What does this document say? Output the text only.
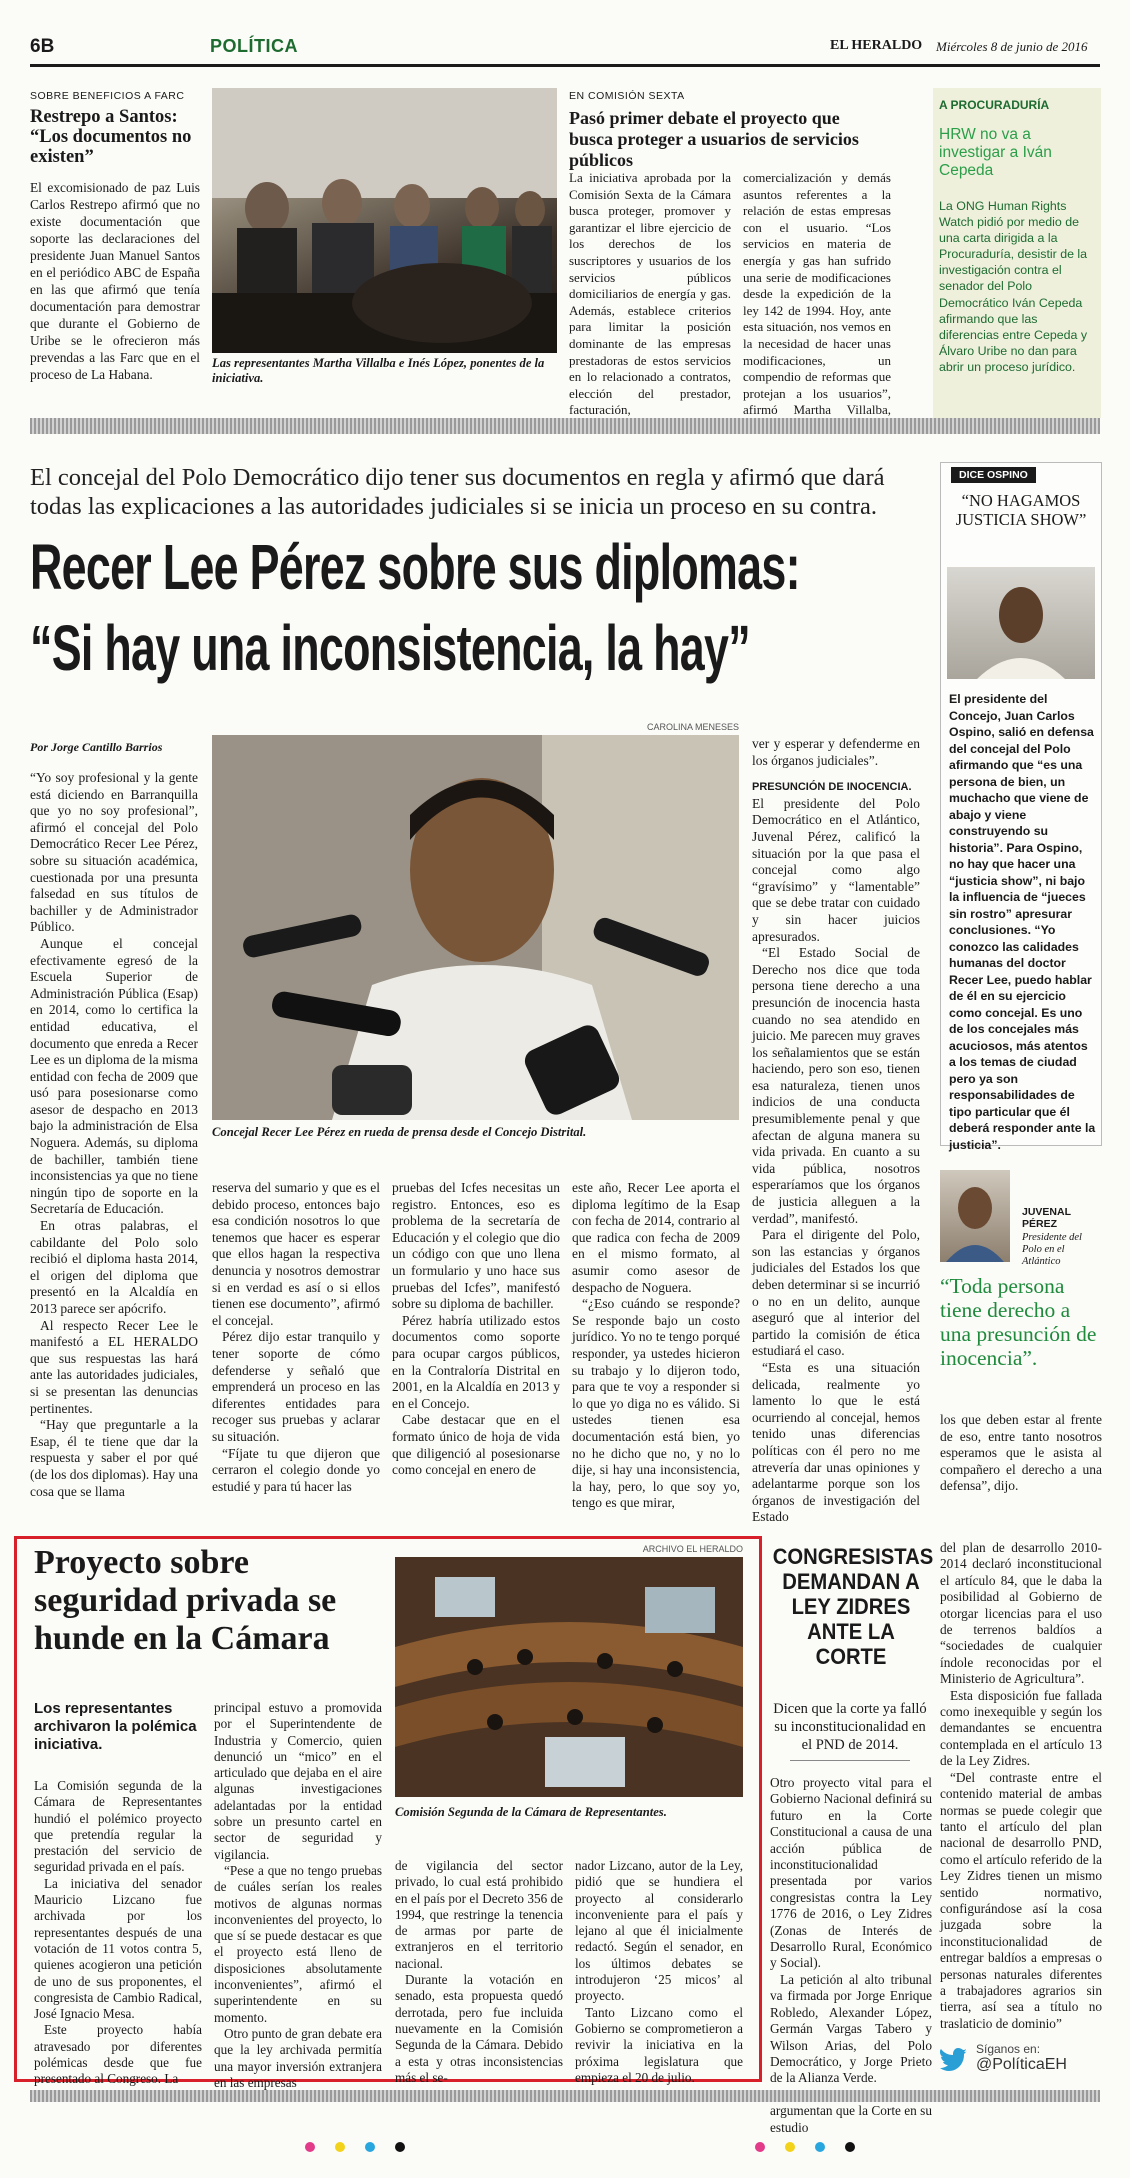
6B	POLÍTICA	EL HERALDO Miércoles 8 de junio de 2016
SOBRE BENEFICIOS A FARC
Restrepo a Santos: “Los documentos no existen”

El excomisionado de paz Luis Carlos Restrepo afirmó que no existe documentación que soporte las declaraciones del presidente Juan Manuel Santos en el periódico ABC de España en las que afirmó que tenía documentación para demostrar que durante el Gobierno de Uribe se le ofrecieron más prevendas a las Farc que en el proceso de La Habana.

Las representantes Martha Villalba e Inés López, ponentes de la iniciativa.
EN COMISIÓN SEXTA
Pasó primer debate el proyecto que busca proteger a usuarios de servicios públicos

La iniciativa aprobada por la Comisión Sexta de la Cámara busca proteger, promover y garantizar el libre ejercicio de los derechos de los suscriptores y usuarios de los servicios públicos domiciliarios de energía y gas. Además, establece criterios para limitar la posición dominante de las empresas prestadoras de estos servicios en lo relacionado a contratos, elección del prestador, facturación,

comercialización y demás asuntos referentes a la relación de estas empresas con el usuario. “Los servicios en materia de energía y gas han sufrido una serie de modificaciones desde la expedición de la ley 142 de 1994. Hoy, ante esta situación, nos vemos en la necesidad de hacer unas modificaciones, un compendio de reformas que protejan a los usuarios”, afirmó Martha Villalba,

A PROCURADURÍA
HRW no va a investigar a Iván Cepeda
La ONG Human Rights Watch pidió por medio de una carta dirigida a la Procuraduría, desistir de la investigación contra el senador del Polo Democrático Iván Cepeda afirmando que las diferencias entre Cepeda y Álvaro Uribe no dan para abrir un proceso jurídico.
El concejal del Polo Democrático dijo tener sus documentos en regla y afirmó que dará todas las explicaciones a las autoridades judiciales si se inicia un proceso en su contra.
Recer Lee Pérez sobre sus diplomas:
“Si hay una inconsistencia, la hay”
Por Jorge Cantillo Barrios

“Yo soy profesional y la gente está diciendo en Barranquilla que yo no soy profesional”, afirmó el concejal del Polo Democrático Recer Lee Pérez, sobre su situación académica, cuestionada por una presunta falsedad en sus títulos de bachiller y de Administrador Público.

Aunque el concejal efectivamente egresó de la Escuela Superior de Administración Pública (Esap) en 2014, como lo certifica la entidad educativa, el documento que enreda a Recer Lee es un diploma de la misma entidad con fecha de 2009 que usó para posesionarse como asesor de despacho en 2013 bajo la administración de Elsa Noguera. Además, su diploma de bachiller, también tiene inconsistencias ya que no tiene ningún tipo de soporte en la Secretaría de Educación.

En otras palabras, el cabildante del Polo solo recibió el diploma hasta 2014, el origen del diploma que presentó en la Alcaldía en 2013 parece ser apócrifo.

Al respecto Recer Lee le manifestó a EL HERALDO que sus respuestas las hará ante las autoridades judiciales, si se presentan las denuncias pertinentes.

“Hay que preguntarle a la Esap, él te tiene que dar la respuesta y saber el por qué (de los dos diplomas). Hay una cosa que se llama

CAROLINA MENESES
Concejal Recer Lee Pérez en rueda de prensa desde el Concejo Distrital.

reserva del sumario y que es el debido proceso, entonces bajo esa condición nosotros lo que tenemos que hacer es esperar que ellos hagan la respectiva denuncia y nosotros demostrar si en verdad es así o si ellos tienen ese documento”, afirmó el concejal.

Pérez dijo estar tranquilo y tener soporte de cómo defenderse y señaló que emprenderá un proceso en las diferentes entidades para recoger sus pruebas y aclarar su situación.

“Fíjate tu que dijeron que cerraron el colegio donde yo estudié y para tú hacer las

pruebas del Icfes necesitas un registro. Entonces, eso es problema de la secretaría de Educación y el colegio que dio un código con que uno llena un formulario y uno hace sus pruebas del Icfes”, manifestó sobre su diploma de bachiller.

Pérez habría utilizado estos documentos como soporte para ocupar cargos públicos, en la Contraloría Distrital en 2001, en la Alcaldía en 2013 y en el Concejo.

Cabe destacar que en el formato único de hoja de vida que diligenció al posesionarse como concejal en enero de

este año, Recer Lee aporta el diploma legítimo de la Esap con fecha de 2014, contrario al que radica con fecha de 2009 en el mismo formato, al asumir como asesor de despacho de Noguera.

“¿Eso cuándo se responde? Se responde bajo un costo jurídico. Yo no te tengo porqué responder, ya ustedes hicieron su trabajo y lo dijeron todo, para que te voy a responder si lo que yo diga no es válido. Si ustedes tienen esa documentación está bien, yo no he dicho que no, y no lo dije, si hay una inconsistencia, la hay, pero, lo que soy yo, tengo es que mirar,

ver y esperar y defenderme en los órganos judiciales”.

PRESUNCIÓN DE INOCENCIA.

El presidente del Polo Democrático en el Atlántico, Juvenal Pérez, calificó la situación por la que pasa el concejal como algo “gravísimo” y “lamentable” que se debe tratar con cuidado y sin hacer juicios apresurados.

“El Estado Social de Derecho nos dice que toda persona tiene derecho a una presunción de inocencia hasta cuando no sea atendido en juicio. Me parecen muy graves los señalamientos que se están haciendo, pero son eso, tienen esa naturaleza, tienen unos indicios de una conducta presumiblemente penal y que afectan de alguna manera su vida privada. En cuanto a su vida pública, nosotros esperaríamos que los órganos de justicia alleguen a la verdad”, manifestó.

Para el dirigente del Polo, son las estancias y órganos judiciales del Estados los que deben determinar si se incurrió o no en un delito, aunque aseguró que al interior del partido la comisión de ética estudiará el caso.

“Esta es una situación delicada, realmente yo lamento lo que le está ocurriendo al concejal, hemos tenido unas diferencias políticas con él pero no me atrevería dar unas opiniones y adelantarme porque son los órganos de investigación del Estado

DICE OSPINO
“NO HAGAMOS JUSTICIA SHOW”
El presidente del Concejo, Juan Carlos Ospino, salió en defensa del concejal del Polo afirmando que “es una persona de bien, un muchacho que viene de abajo y viene construyendo su historia”. Para Ospino, no hay que hacer una “justicia show”, ni bajo la influencia de “jueces sin rostro” apresurar conclusiones. “Yo conozco las calidades humanas del doctor Recer Lee, puedo hablar de él en su ejercicio como concejal. Es uno de los concejales más acuciosos, más atentos a los temas de ciudad pero ya son responsabilidades de tipo particular que él deberá responder ante la justicia”.
JUVENAL PÉREZ
Presidente del Polo en el Atlántico
“Toda persona tiene derecho a una presunción de inocencia”.

los que deben estar al frente de eso, entre tanto nosotros esperamos que le asista al compañero el derecho a una defensa”, dijo.

Proyecto sobre seguridad privada se hunde en la Cámara
Los representantes archivaron la polémica iniciativa.
ARCHIVO EL HERALDO
Comisión Segunda de la Cámara de Representantes.

La Comisión segunda de la Cámara de Representantes hundió el polémico proyecto que pretendía regular la prestación del servicio de seguridad privada en el país.

La iniciativa del senador Mauricio Lizcano fue archivada por los representantes después de una votación de 11 votos contra 5, quienes acogieron una petición de uno de sus proponentes, el congresista de Cambio Radical, José Ignacio Mesa.

Este proyecto había atravesado por diferentes polémicas desde que fue presentado al Congreso. La

principal estuvo a promovida por el Superintendente de Industria y Comercio, quien denunció un “mico” en el articulado que dejaba en el aire algunas investigaciones adelantadas por la entidad sobre un presunto cartel en sector de seguridad y vigilancia.

“Pese a que no tengo pruebas de cuáles serían los reales motivos de algunas normas inconvenientes del proyecto, lo que sí se puede destacar es que el proyecto está lleno de disposiciones absolutamente inconvenientes”, afirmó el superintendente en su momento.

Otro punto de gran debate era que la ley archivada permitía una mayor inversión extranjera en las empresas

de vigilancia del sector privado, lo cual está prohibido en el país por el Decreto 356 de 1994, que restringe la tenencia de armas por parte de extranjeros en el territorio nacional.

Durante la votación en senado, esta propuesta quedó derrotada, pero fue incluida nuevamente en la Comisión Segunda de la Cámara. Debido a esta y otras inconsistencias más el se-

nador Lizcano, autor de la Ley, pidió que se hundiera el proyecto al considerarlo inconveniente para el país y lejano al que él inicialmente redactó. Según el senador, en los últimos debates se introdujeron ‘25 micos’ al proyecto.

Tanto Lizcano como el Gobierno se comprometieron a revivir la iniciativa en la próxima legislatura que empieza el 20 de julio.

CONGRESISTAS DEMANDAN A LEY ZIDRES ANTE LA CORTE
Dicen que la corte ya falló su inconstitucionalidad en el PND de 2014.

Otro proyecto vital para el Gobierno Nacional definirá su futuro en la Corte Constitucional a causa de una acción pública de inconstitucionalidad presentada por varios congresistas contra la Ley 1776 de 2016, o Ley Zidres (Zonas de Interés de Desarrollo Rural, Económico y Social).

La petición al alto tribunal va firmada por Jorge Enrique Robledo, Alexander López, Germán Vargas Tabero y Wilson Arias, del Polo Democrático, y Jorge Prieto de la Alianza Verde.

argumentan que la Corte en su estudio

del plan de desarrollo 2010-2014 declaró inconstitucional el artículo 84, que le daba la posibilidad al Gobierno de otorgar licencias para el uso de terrenos baldíos a “sociedades de cualquier índole reconocidas por el Ministerio de Agricultura”.

Esta disposición fue fallada como inexequible y según los demandantes se encuentra contemplada en el artículo 13 de la Ley Zidres.

“Del contraste entre el contenido material de ambas normas se puede colegir que tanto el artículo del plan nacional de desarrollo PND, como el artículo referido de la Ley Zidres tienen un mismo sentido normativo, configurándose así la cosa juzgada sobre la inconstitucionalidad de entregar baldíos a empresas o personas naturales diferentes a trabajadores agrarios sin tierra, así sea a título no traslaticio de dominio”

Síganos en:
@PolíticaEH
